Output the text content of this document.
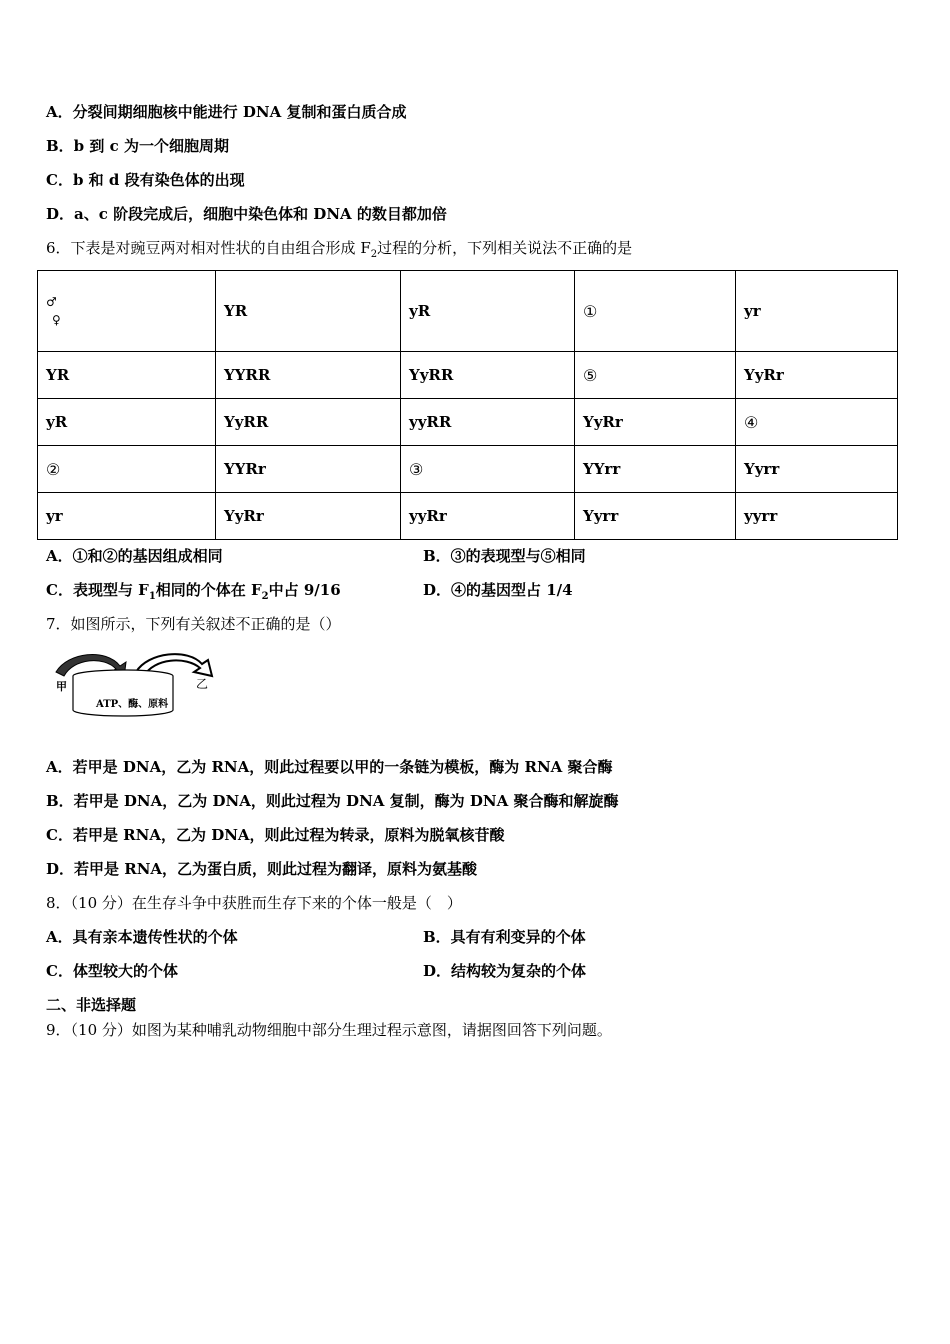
A．分裂间期细胞核中能进行 DNA 复制和蛋白质合成
B．b 到 c 为一个细胞周期
C．b 和 d 段有染色体的出现
D．a、c 阶段完成后，细胞中染色体和 DNA 的数目都加倍
6．下表是对豌豆两对相对性状的自由组合形成 $F_2$过程的分析，下列相关说法不正确的是
♂
♀	YR	yR	①	yr
YR	YYRR	YyRR	⑤	YyRr
yR	YyRR	yyRR	YyRr	④
②	YYRr	③	YYrr	Yyrr
yr	YyRr	yyRr	Yyrr	yyrr
A．①和②的基因组成相同	B．③的表现型与⑤相同
C．表现型与 $F_1$相同的个体在 $F_2$中占 9/16	D．④的基因型占 1/4
7．如图所示，下列有关叙述不正确的是（）
ATP、酶、原料
甲	乙
A．若甲是 DNA，乙为 RNA，则此过程要以甲的一条链为模板，酶为 RNA 聚合酶
B．若甲是 DNA，乙为 DNA，则此过程为 DNA 复制，酶为 DNA 聚合酶和解旋酶
C．若甲是 RNA，乙为 DNA，则此过程为转录，原料为脱氧核苷酸
D．若甲是 RNA，乙为蛋白质，则此过程为翻译，原料为氨基酸
8．（10 分）在生存斗争中获胜而生存下来的个体一般是（　）
A．具有亲本遗传性状的个体	B．具有有利变异的个体
C．体型较大的个体	D．结构较为复杂的个体
二、非选择题
9．（10 分）如图为某种哺乳动物细胞中部分生理过程示意图，请据图回答下列问题。
